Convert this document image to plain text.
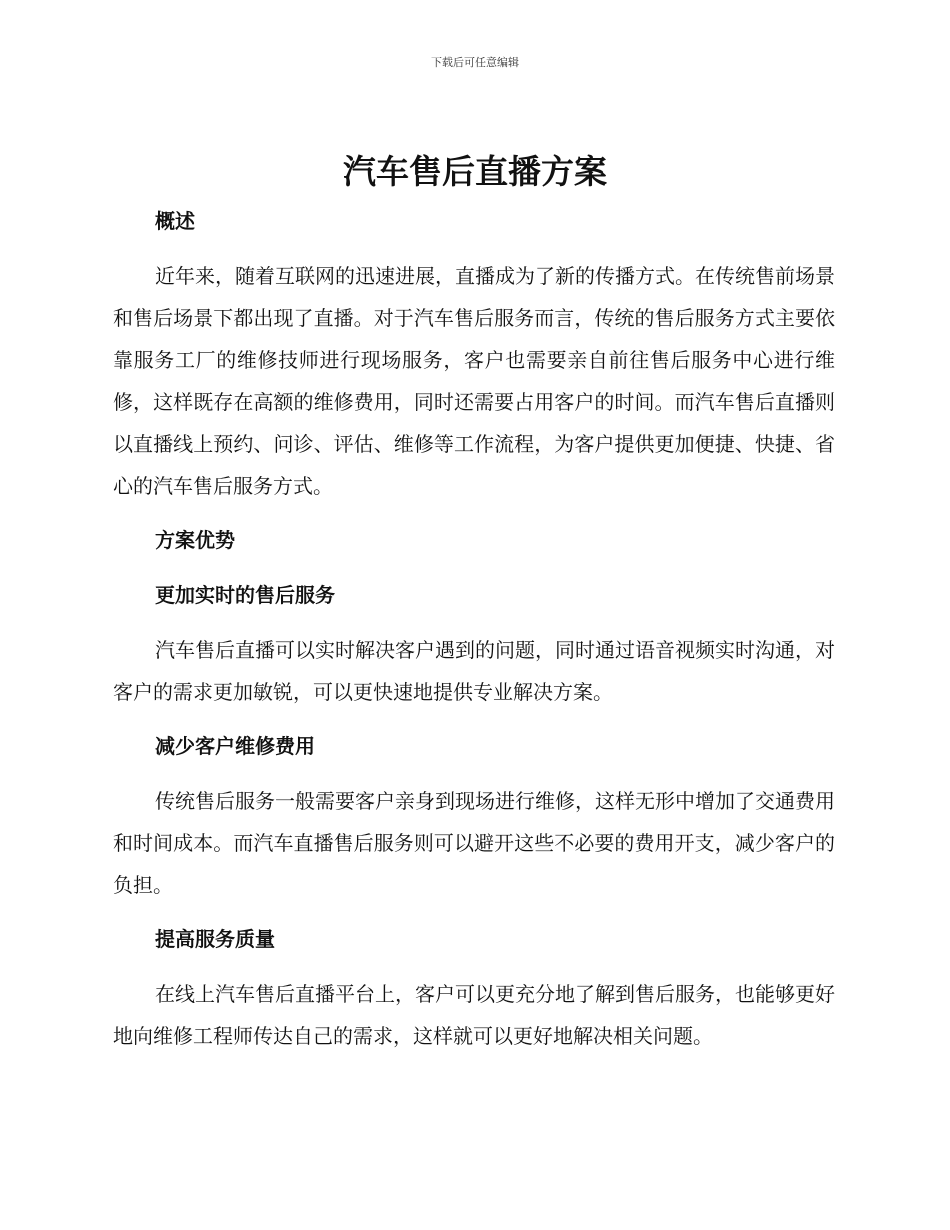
下载后可任意编辑
汽车售后直播方案
概述

近年来，随着互联网的迅速进展，直播成为了新的传播方式。在传统售前场景和售后场景下都出现了直播。对于汽车售后服务而言，传统的售后服务方式主要依靠服务工厂的维修技师进行现场服务，客户也需要亲自前往售后服务中心进行维修，这样既存在高额的维修费用，同时还需要占用客户的时间。而汽车售后直播则以直播线上预约、问诊、评估、维修等工作流程，为客户提供更加便捷、快捷、省心的汽车售后服务方式。

方案优势
更加实时的售后服务

汽车售后直播可以实时解决客户遇到的问题，同时通过语音视频实时沟通，对客户的需求更加敏锐，可以更快速地提供专业解决方案。

减少客户维修费用

传统售后服务一般需要客户亲身到现场进行维修，这样无形中增加了交通费用和时间成本。而汽车直播售后服务则可以避开这些不必要的费用开支，减少客户的负担。

提高服务质量

在线上汽车售后直播平台上，客户可以更充分地了解到售后服务，也能够更好地向维修工程师传达自己的需求，这样就可以更好地解决相关问题。
